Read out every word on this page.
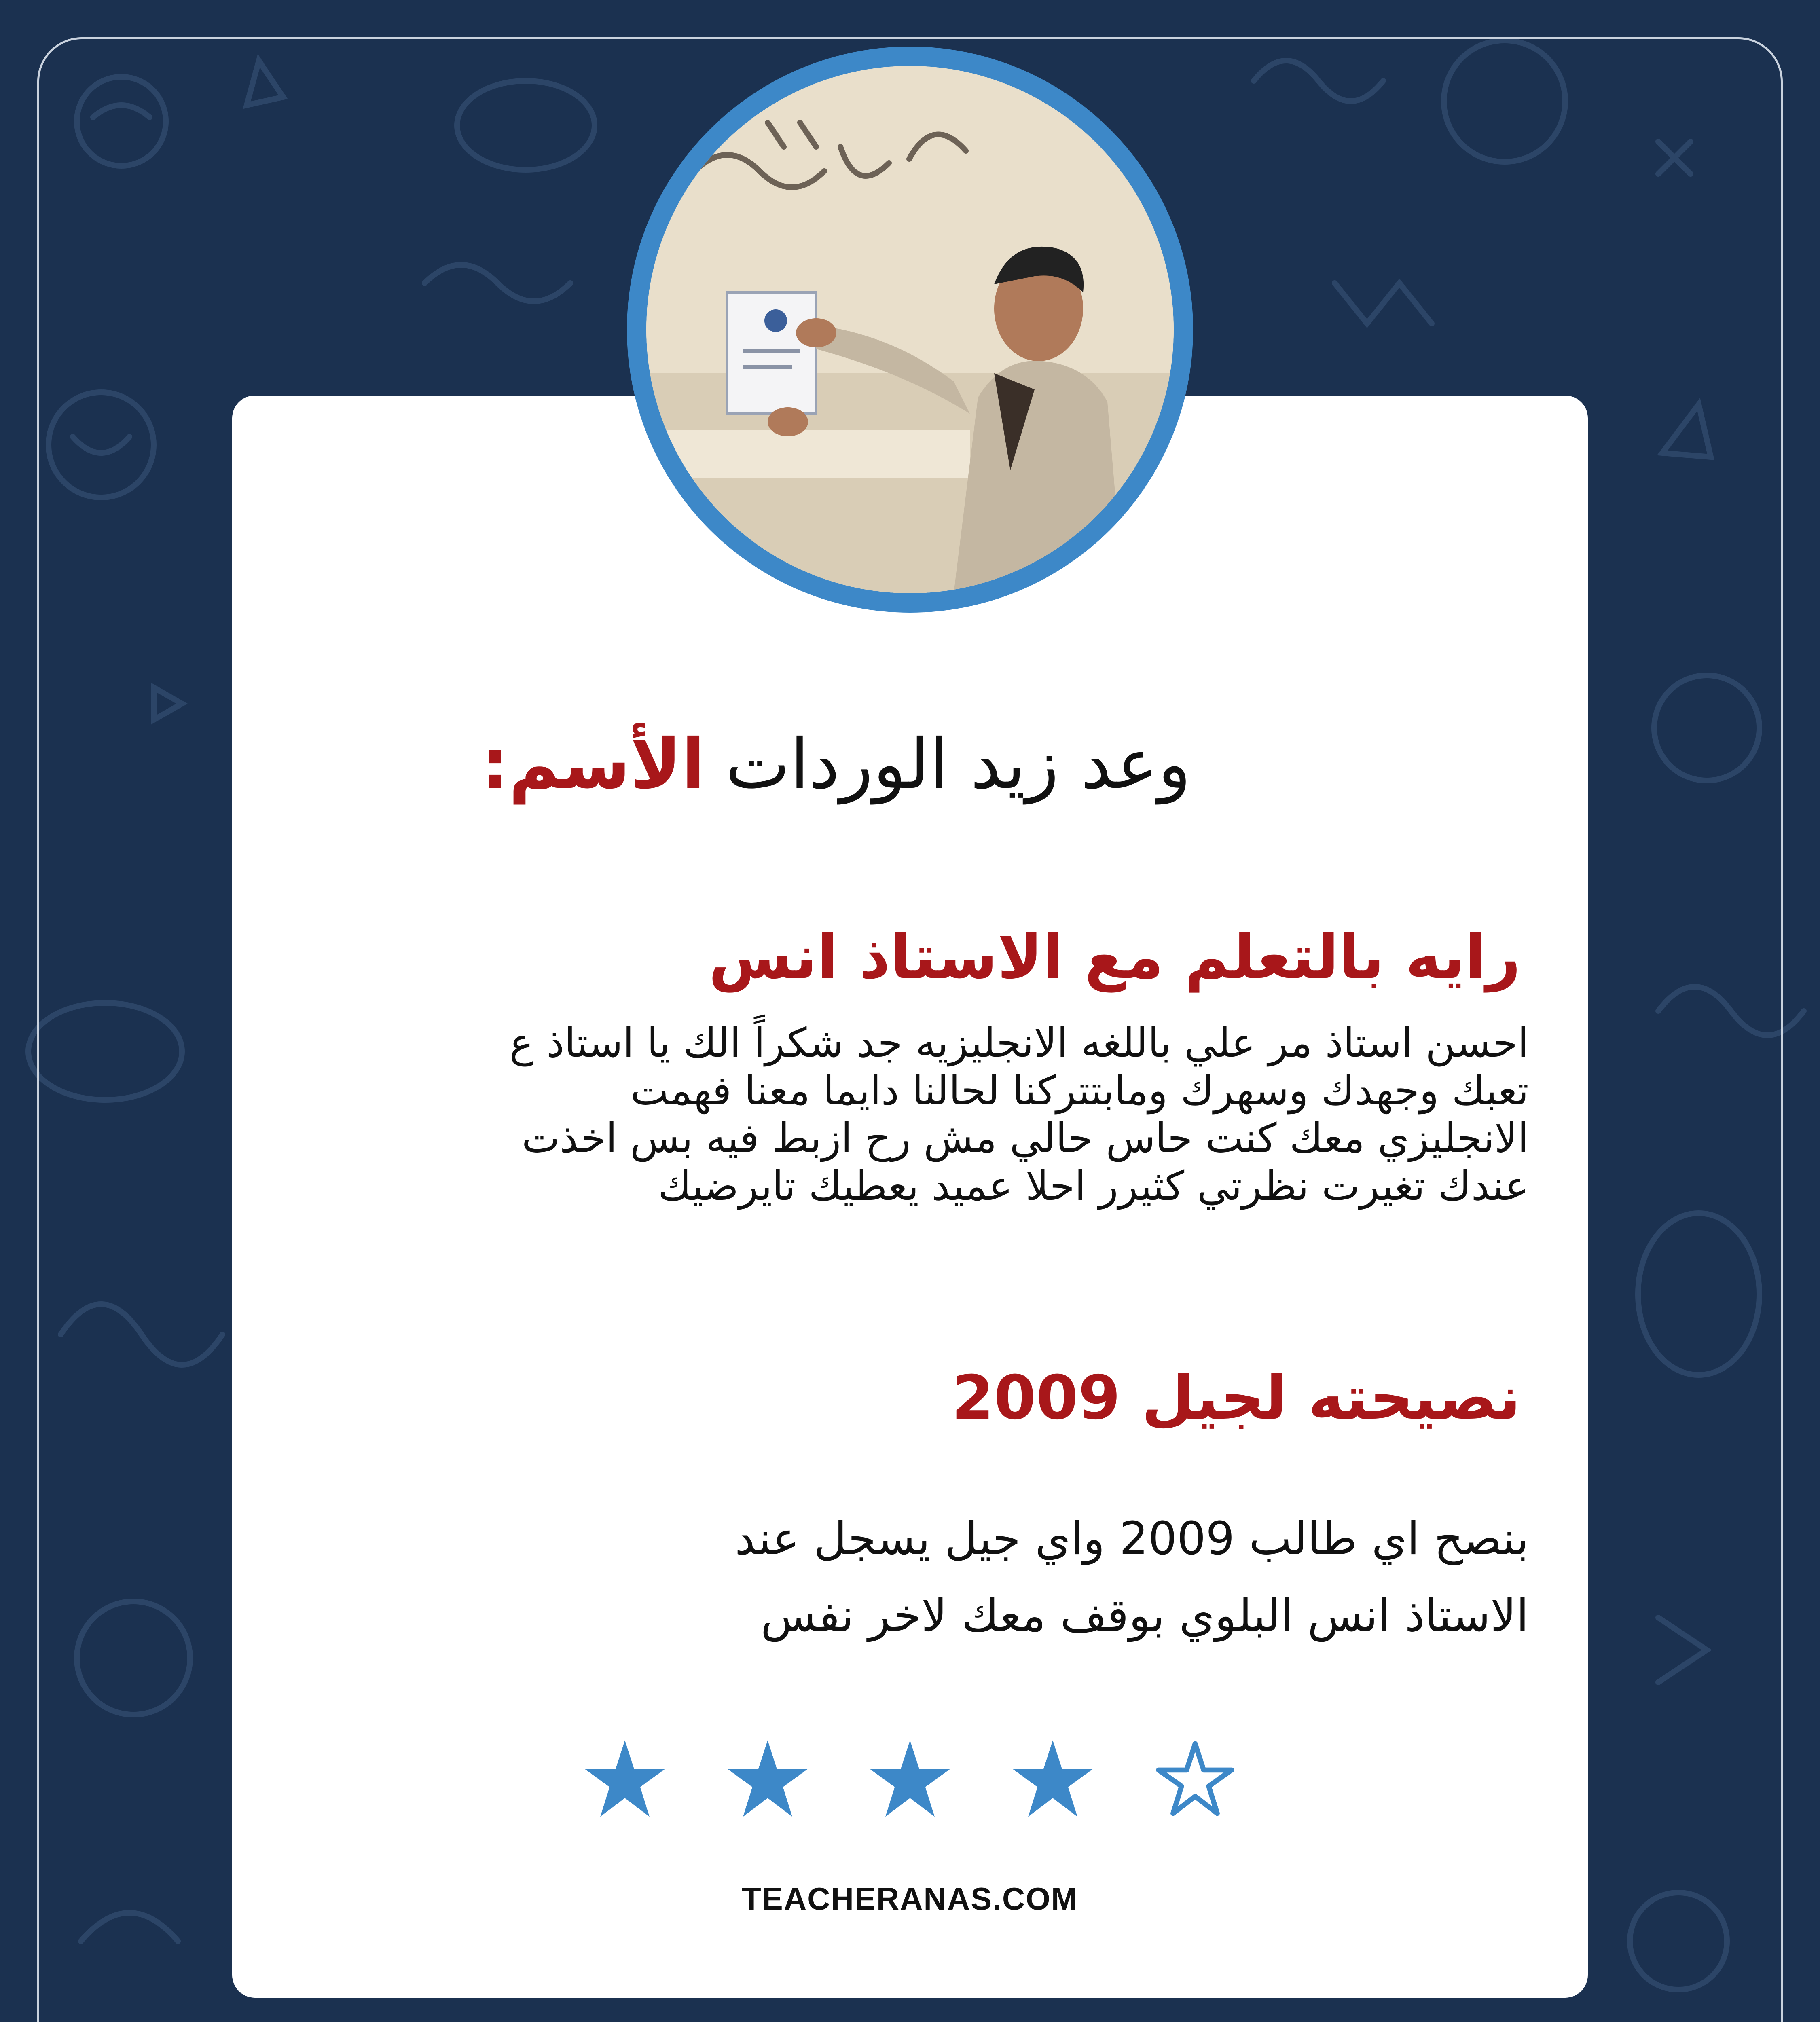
الأسم: وعد زيد الوردات
رايه بالتعلم مع الاستاذ انس
احسن استاذ مر علي باللغه الانجليزيه جد شكراً الك يا استاذ ع
تعبك وجهدك وسهرك ومابتتركنا لحالنا دايما معنا فهمت
الانجليزي معك كنت حاس حالي مش رح ازبط فيه بس اخذت
عندك تغيرت نظرتي كثيرر احلا عميد يعطيك تايرضيك
نصيحته لجيل 2009
بنصح اي طالب 2009 واي جيل يسجل عند
الاستاذ انس البلوي بوقف معك لاخر نفس
TEACHERANAS.COM
